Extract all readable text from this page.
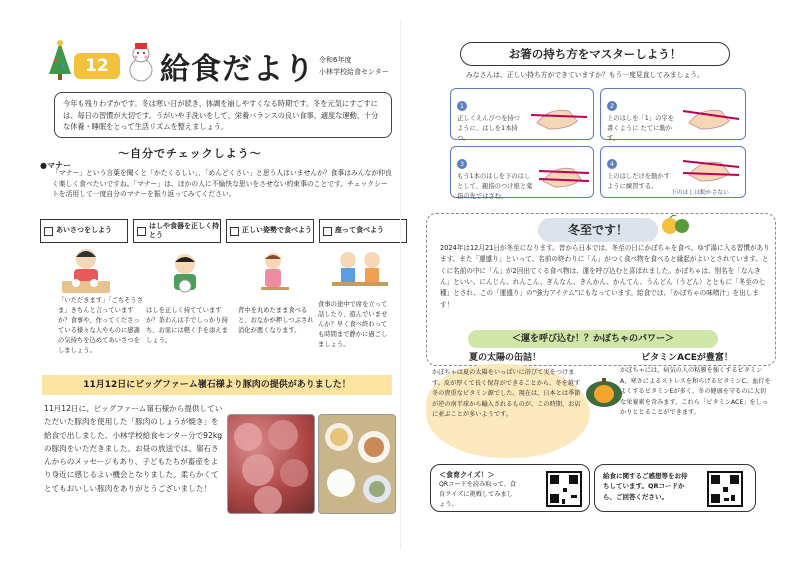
12月
給食だより 令和6年度
小林学校給食センター
今年も残りわずかです。冬は寒い日が続き、体調を崩しやすくなる時期です。冬を元気にすごすには、毎日の習慣が大切です。うがいや手洗いをして、栄養バランスの良い食事、適度な運動、十分な休養・睡眠をとって生活リズムを整えましょう。
～自分でチェックしよう～
●マナー
「マナー」という言葉を聞くと「かたくるしい」、「めんどくさい」と思う人はいませんか？食事はみんなが仲良く楽しく食べたいですね。「マナー」は、ほかの人に不愉快な思いをさせない約束事のことです。チェックシートを活用して一度自分のマナーを振り返ってみてください。
あいさつをしよう
はしや食器を正しく持とう
正しい姿勢で食べよう	座って食べよう
「いただきます」「ごちそうさま」きちんと言っていますか？食事や、作ってくださっている様々な人やものに感謝の気持ちを込めてあいさつをしましょう。
はしを正しく持てていますか？茶わんは手でしっかり持ち、お皿には軽く手を添えましょう。
背中を丸めたまま食べると、おなかが押しつぶされ消化が悪くなります。
食事の途中で席を立って話したり、遊んでいませんか？早く食べ終わっても時間まで静かに過ごしましょう。
11月12日にビッグファーム嶺石様より豚肉の提供がありました！
11月12日に、ビッグファーム嶺石様から提供していただいた豚肉を使用した「豚肉のしょうが焼き」を給食で出しました。小林学校給食センター分で92kgの豚肉をいただきました。お昼の放送では、嶺石さんからのメッセージもあり、子どもたちが畜産をより身近に感じるよい機会となりました。柔らかくてとてもおいしい豚肉をありがとうございました！
お箸の持ち方をマスターしよう！
みなさんは、正しい持ち方ができていますか？もう一度見直してみましょう。
1

正しくえんぴつを持つように、はしを1本持つ。

2

上のはしを「1」の字を書くように たてに動かす。

3

もう1本のはしを下のはしとして、親指のつけ根と薬指の先ではさむ。

4

上のはしだけを動かすように練習する。

下のはしは動かさない
冬至です！
2024年は12月21日が冬至になります。昔から日本では、冬至の日にかぼちゃを食べ、ゆず湯に入る習慣があります。また「運盛り」といって、名前の終わりに「ん」がつく食べ物を食べると縁起がよいとされています。とくに名前の中に「ん」が2回出てくる食べ物は、運を呼び込むと喜ばれました。かぼちゃは、別名を「なんきん」といい、にんじん、れんこん、ぎんなん、きんかん、かんてん、うんどん（うどん）とともに「冬至の七種」とされ、この「運盛り」の“強力アイテム”にもなっています。給食では、「かぼちゃの味噌汁」を出します！
＜運を呼び込む！？かぼちゃのパワー＞
夏の太陽の缶詰！	ビタミンACEが豊富！
かぼちゃは夏の太陽をいっぱいに浴びて実をつけます。皮が厚くて長く保存ができることから、冬を越す冬の貴重なビタミン源でした。現在は、日本とは季節が逆の南半球から輸入されるものが、この時期、お店に並ぶことが多いようです。
かぼちゃには、病気の人の粘膜を強くするビタミンA、寒さによるストレスを和らげるビタミンC、血行をよくするビタミンEが多く、冬の健康を守るのに大切な栄養素を含みます。これら「ビタミンACE」をしっかりととることができます。
＜食育クイズ！＞
QRコードを読み取って、食育クイズに挑戦してみましょう。
給食に関するご感想等をお待ちしています。QRコードから、ご回答ください。
